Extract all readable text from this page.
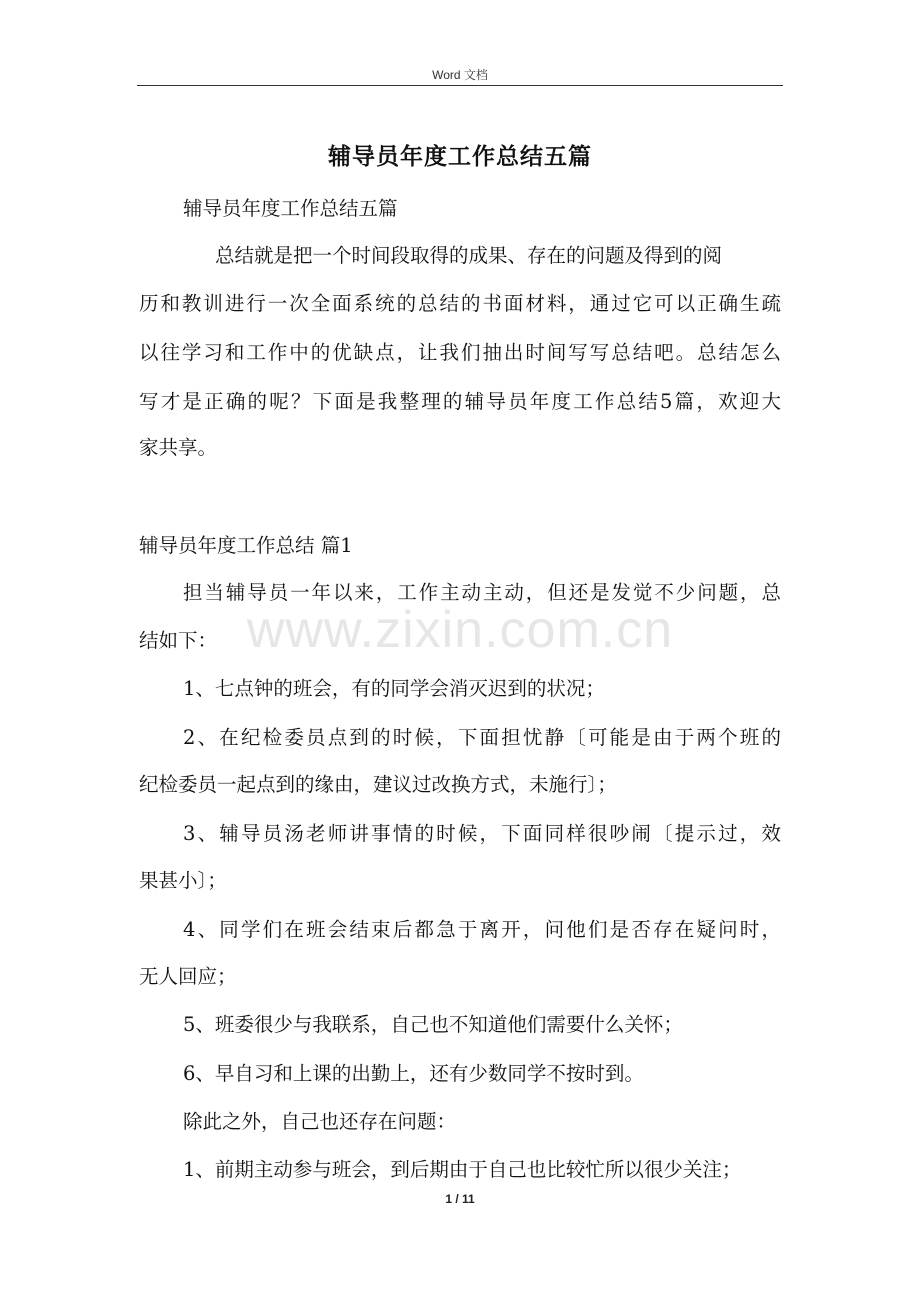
www.zixin.com.cn
Word 文档
辅导员年度工作总结五篇
辅导员年度工作总结五篇
总结就是把一个时间段取得的成果、存在的问题及得到的阅
历和教训进行一次全面系统的总结的书面材料，通过它可以正确生疏
以往学习和工作中的优缺点，让我们抽出时间写写总结吧。总结怎么
写才是正确的呢？下面是我整理的辅导员年度工作总结5篇，欢迎大
家共享。
辅导员年度工作总结 篇1
担当辅导员一年以来，工作主动主动，但还是发觉不少问题，总
结如下：
1、七点钟的班会，有的同学会消灭迟到的状况；
2、在纪检委员点到的时候，下面担忧静〔可能是由于两个班的
纪检委员一起点到的缘由，建议过改换方式，未施行〕；
3、辅导员汤老师讲事情的时候，下面同样很吵闹〔提示过，效
果甚小〕；
4、同学们在班会结束后都急于离开，问他们是否存在疑问时，
无人回应；
5、班委很少与我联系，自己也不知道他们需要什么关怀；
6、早自习和上课的出勤上，还有少数同学不按时到。
除此之外，自己也还存在问题：
1、前期主动参与班会，到后期由于自己也比较忙所以很少关注；
1 / 11
